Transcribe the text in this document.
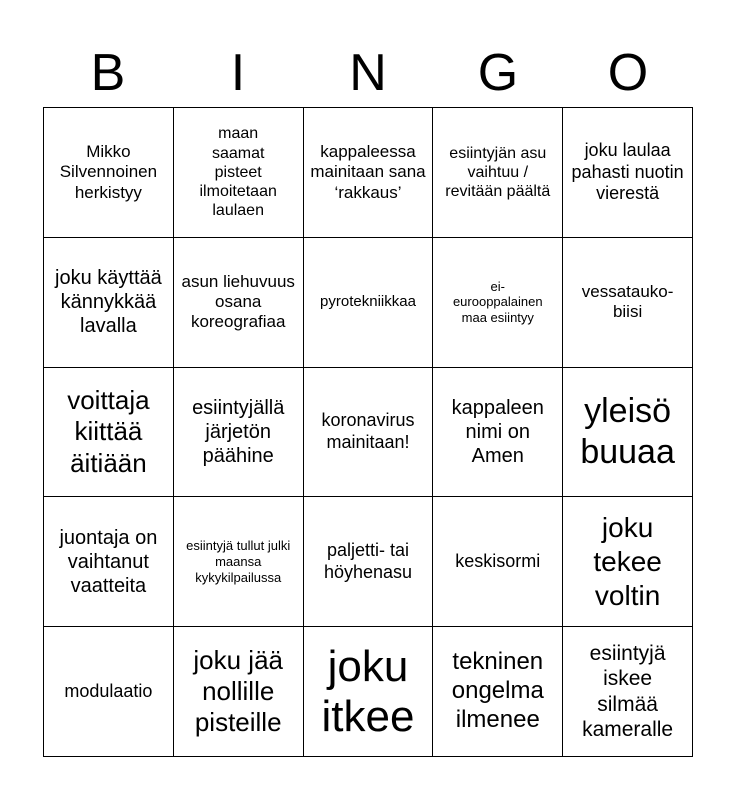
B	I	N	G	O
Mikko Silvennoinen herkistyy
maan saamat pisteet ilmoitetaan laulaen
kappaleessa mainitaan sana ‘rakkaus’
esiintyjän asu vaihtuu / revitään päältä
joku laulaa pahasti nuotin vierestä
joku käyttää kännykkää lavalla
asun liehuvuus osana koreografiaa
pyrotekniikkaa
ei-eurooppalainen maa esiintyy
vessatauko-biisi
voittaja kiittää äitiään
esiintyjällä järjetön päähine
koronavirus mainitaan!
kappaleen nimi on Amen
yleisö buuaa
juontaja on vaihtanut vaatteita
esiintyjä tullut julki maansa kykykilpailussa
paljetti- tai höyhenasu
keskisormi
joku tekee voltin
modulaatio
joku jää nollille pisteille
joku itkee
tekninen ongelma ilmenee
esiintyjä iskee silmää kameralle
